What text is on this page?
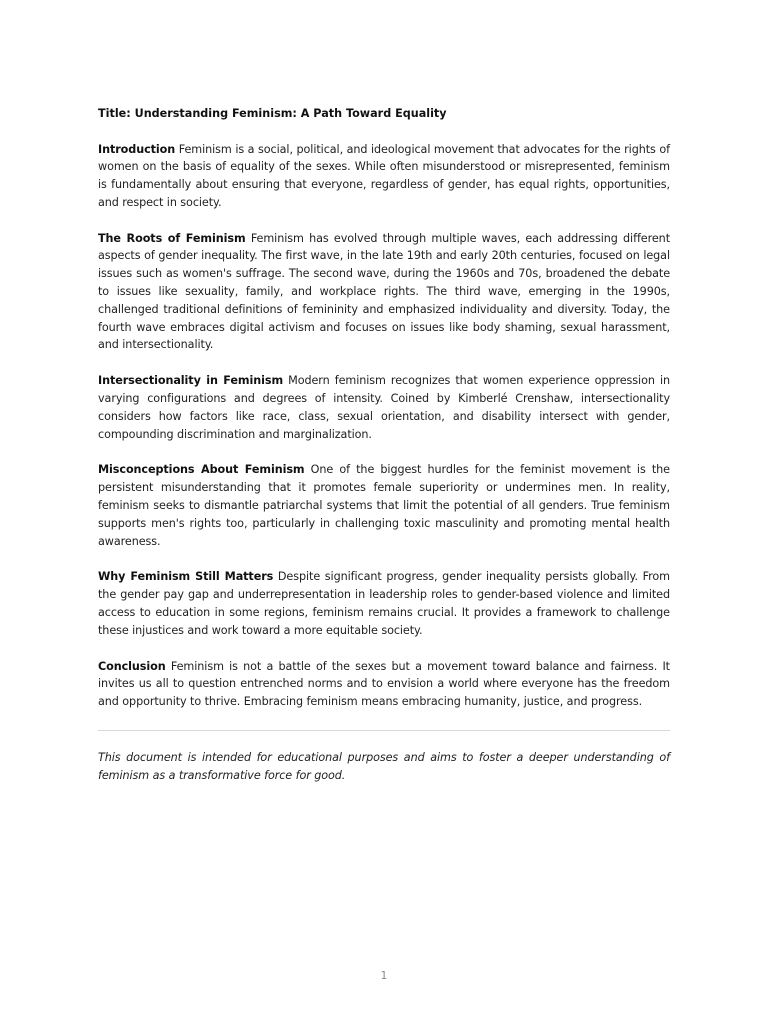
Title: Understanding Feminism: A Path Toward Equality

Introduction Feminism is a social, political, and ideological movement that advocates for the rights of women on the basis of equality of the sexes. While often misunderstood or misrepresented, feminism is fundamentally about ensuring that everyone, regardless of gender, has equal rights, opportunities, and respect in society.

The Roots of Feminism Feminism has evolved through multiple waves, each addressing different aspects of gender inequality. The first wave, in the late 19th and early 20th centuries, focused on legal issues such as women's suffrage. The second wave, during the 1960s and 70s, broadened the debate to issues like sexuality, family, and workplace rights. The third wave, emerging in the 1990s, challenged traditional definitions of femininity and emphasized individuality and diversity. Today, the fourth wave embraces digital activism and focuses on issues like body shaming, sexual harassment, and intersectionality.

Intersectionality in Feminism Modern feminism recognizes that women experience oppression in varying configurations and degrees of intensity. Coined by Kimberlé Crenshaw, intersectionality considers how factors like race, class, sexual orientation, and disability intersect with gender, compounding discrimination and marginalization.

Misconceptions About Feminism One of the biggest hurdles for the feminist movement is the persistent misunderstanding that it promotes female superiority or undermines men. In reality, feminism seeks to dismantle patriarchal systems that limit the potential of all genders. True feminism supports men's rights too, particularly in challenging toxic masculinity and promoting mental health awareness.

Why Feminism Still Matters Despite significant progress, gender inequality persists globally. From the gender pay gap and underrepresentation in leadership roles to gender-based violence and limited access to education in some regions, feminism remains crucial. It provides a framework to challenge these injustices and work toward a more equitable society.

Conclusion Feminism is not a battle of the sexes but a movement toward balance and fairness. It invites us all to question entrenched norms and to envision a world where everyone has the freedom and opportunity to thrive. Embracing feminism means embracing humanity, justice, and progress.

This document is intended for educational purposes and aims to foster a deeper understanding of feminism as a transformative force for good.

1
